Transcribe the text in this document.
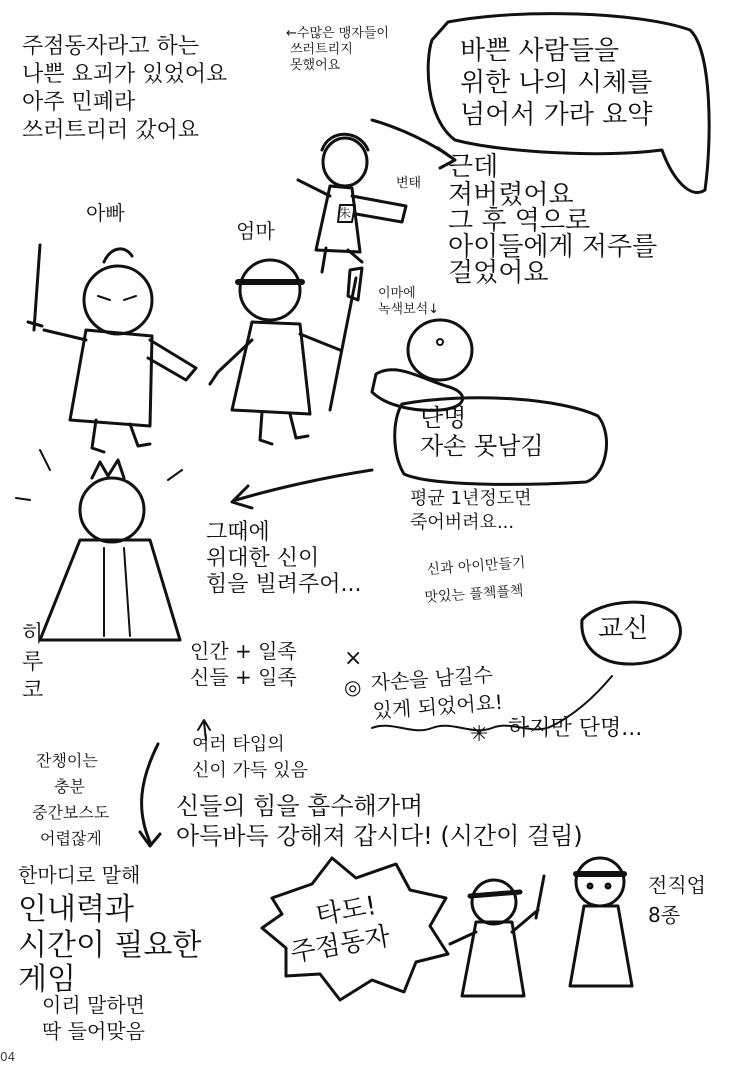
주점동자라고 하는
나쁜 요괴가 있었어요
아주 민폐라
쓰러트리러 갔어요
←수많은 맹자들이
쓰러트리지
못했어요	바쁜 사람들을
위한 나의 시체를
넘어서 가라 요약
근데
져버렸어요
그 후 역으로
아이들에게 저주를
걸었어요
아빠
엄마
변태
朱
이마에
녹색보석↓
단명
자손 못남김
평균 1년정도면
죽어버려요...
그때에
위대한 신이
힘을 빌려주어...
신과 아이만들기
맛있는 플첵플첵
교신
히
루
코
인간 + 일족
신들 + 일족
×
◎ 자손을 남길수
있게 되었어요!
✳ 하지만 단명...
여러 타입의
신이 가득 있음
잔챙이는
충분
중간보스도
어렵잖게
신들의 힘을 흡수해가며
아득바득 강해져 갑시다! (시간이 걸림)
한마디로 말해
인내력과
시간이 필요한
게임
이리 말하면
딱 들어맞음
전직업
8종
타도!
주점동자
04
